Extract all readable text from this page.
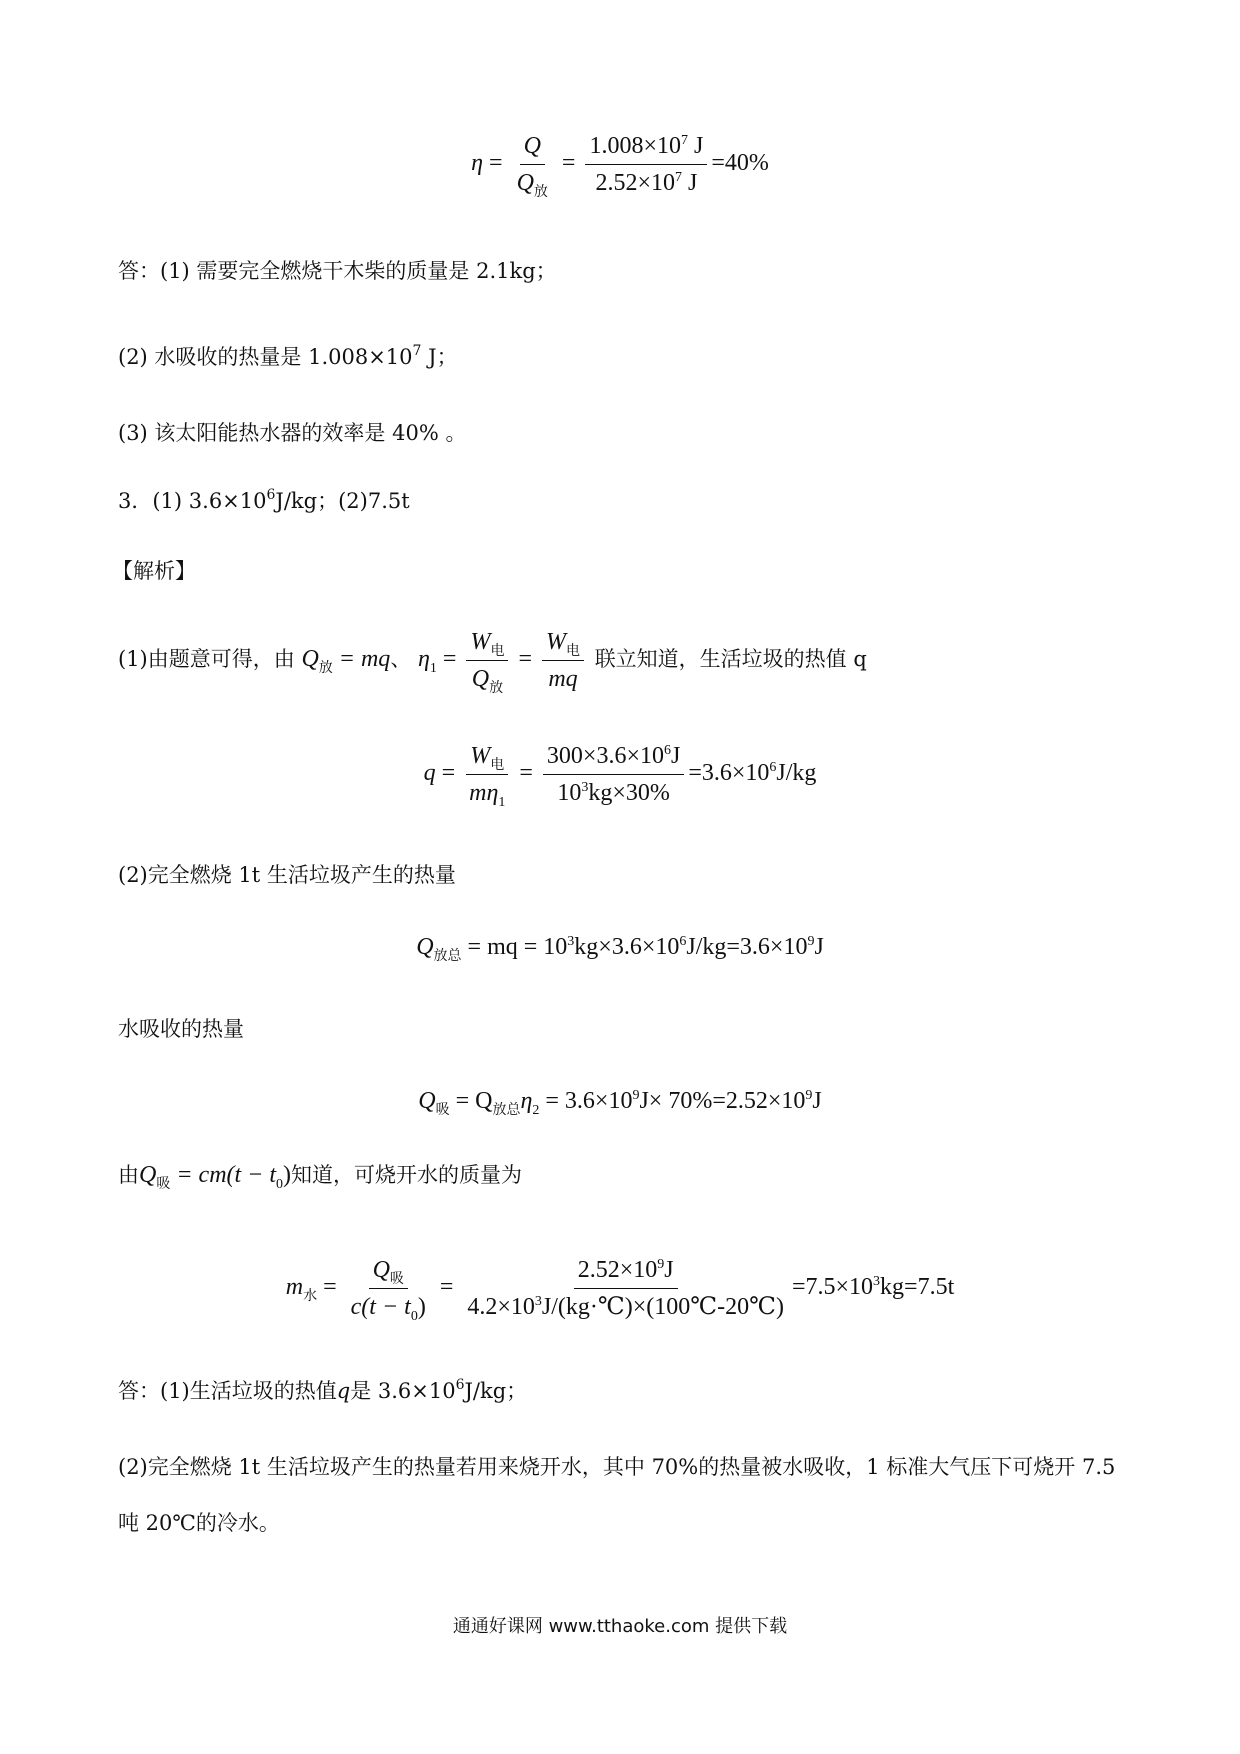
$\eta = \frac{Q}{Q_放} = \frac{1.008\times 10^7 J}{2.52\times 10^7 J} =40\%$
答：(1) 需要完全燃烧干木柴的质量是 2.1kg；
(2) 水吸收的热量是 $1.008\times 10^7$ J；
(3) 该太阳能热水器的效率是 40% 。
3．(1) $3.6\times 10^6J/kg$；(2)7.5t
【解析】
(1)由题意可得，由 $Q_放$ = mq、 $\eta_1 = \frac{W_电}{Q_放} = \frac{W_电}{mq}$ 联立知道，生活垃圾的热值 q
$q = \frac{W_电}{m\eta_1} = \frac{300\times 3.6\times 10^6J}{10^3kg\times 30\%} =3.6\times 10^6J/kg$
(2)完全燃烧 1t 生活垃圾产生的热量
$Q_{放总}$ = mq = $10^3kg\times 3.6\times 10^6J/kg=3.6\times 10^9J$
水吸收的热量
$Q_吸 = Q_{放总}\eta_2 = 3.6\times 10^9J\times 70\%=2.52\times 10^9J$
由$Q_吸 = cm(t - t_0)$知道，可烧开水的质量为
$m_水 = \frac{Q_吸}{c(t - t_0)} = \frac{2.52\times 10^9J}{4.2\times 10^3J/(kg\cdot℃)\times(100℃-20℃)} =7.5\times 10^3kg=7.5t$
答：(1)生活垃圾的热值q是 $3.6\times 10^6J/kg$；
(2)完全燃烧 1t 生活垃圾产生的热量若用来烧开水，其中 70%的热量被水吸收，1 标准大气压下可烧开 7.5
吨 20℃的冷水。
通通好课网 www.tthaoke.com 提供下载
